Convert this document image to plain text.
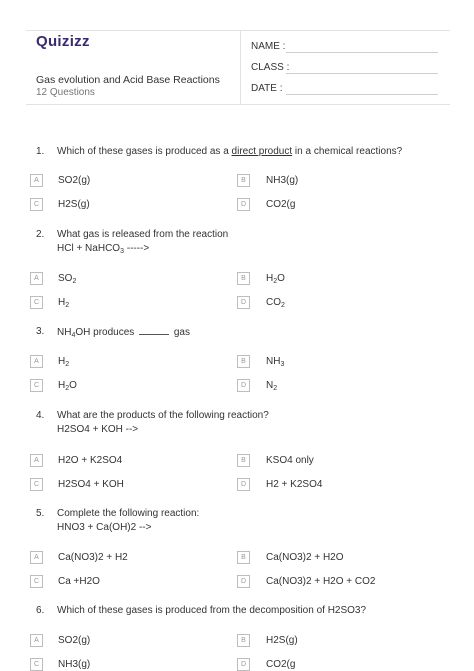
Quizizz
Gas evolution and Acid Base Reactions
12 Questions
NAME :
CLASS :
DATE :
1. Which of these gases is produced as a direct product in a chemical reactions?
A	SO2(g)	B	NH3(g)
C	H2S(g)	D	CO2(g
2. What gas is released from the reaction
HCl + NaHCO$_3$ ----->
A	$SO_2$	B	$H_2O$
C	$H_2$	D	$CO_2$
3. $NH_4OH$ produces	gas
A	$H_2$	B	$NH_3$
C	$H_2O$	D	$N_2$
4. What are the products of the following reaction?
H2SO4 + KOH -->
A	H2O + K2SO4	B	KSO4 only
C	H2SO4 + KOH	D	H2 + K2SO4
5. Complete the following reaction:
HNO3 + Ca(OH)2 -->
A	Ca(NO3)2 + H2	B	Ca(NO3)2 + H2O
C	Ca +H2O	D	Ca(NO3)2 + H2O + CO2
6. Which of these gases is produced from the decomposition of H2SO3?
A	SO2(g)	B	H2S(g)
C	NH3(g)	D	CO2(g
